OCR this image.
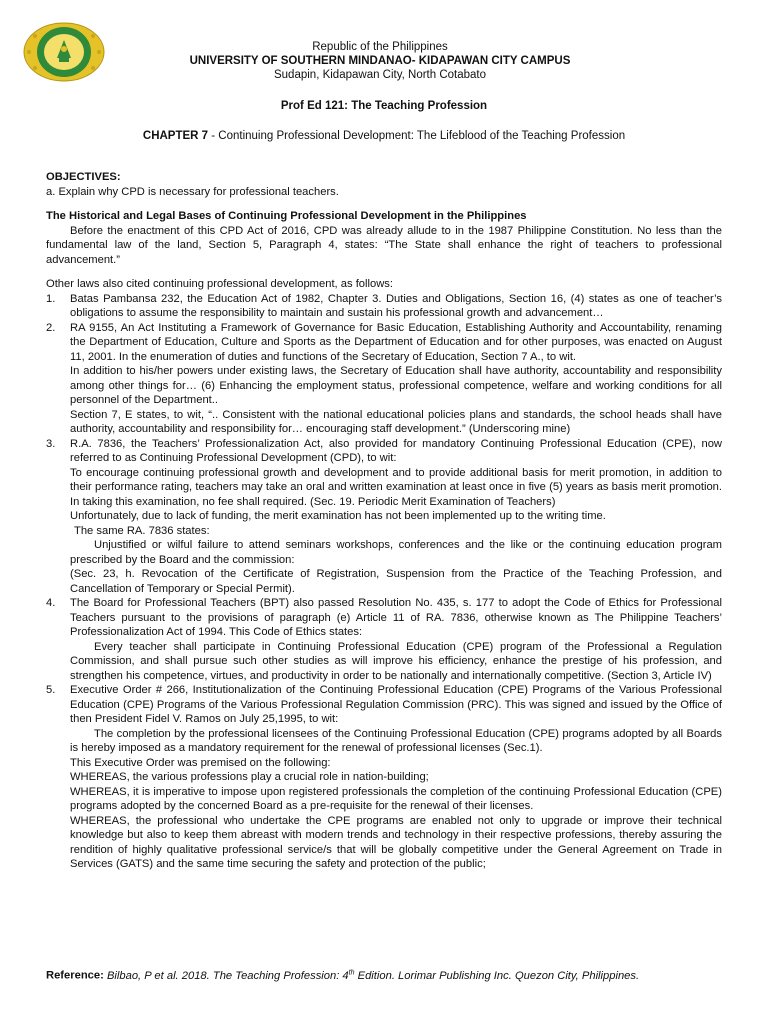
Republic of the Philippines
UNIVERSITY OF SOUTHERN MINDANAO- KIDAPAWAN CITY CAMPUS
Sudapin, Kidapawan City, North Cotabato
Prof Ed 121: The Teaching Profession
CHAPTER 7 - Continuing Professional Development: The Lifeblood of the Teaching Profession

OBJECTIVES:

a. Explain why CPD is necessary for professional teachers.

The Historical and Legal Bases of Continuing Professional Development in the Philippines

Before the enactment of this CPD Act of 2016, CPD was already allude to in the 1987 Philippine Constitution. No less than the fundamental law of the land, Section 5, Paragraph 4, states: “The State shall enhance the right of teachers to professional advancement.”

Other laws also cited continuing professional development, as follows:

1. Batas Pambansa 232, the Education Act of 1982, Chapter 3. Duties and Obligations, Section 16, (4) states as one of teacher’s obligations to assume the responsibility to maintain and sustain his professional growth and advancement…

2. RA 9155, An Act Instituting a Framework of Governance for Basic Education, Establishing Authority and Accountability, renaming the Department of Education, Culture and Sports as the Department of Education and for other purposes, was enacted on August 11, 2001. In the enumeration of duties and functions of the Secretary of Education, Section 7 A., to wit.

In addition to his/her powers under existing laws, the Secretary of Education shall have authority, accountability and responsibility among other things for… (6) Enhancing the employment status, professional competence, welfare and working conditions for all personnel of the Department..

Section 7, E states, to wit, “.. Consistent with the national educational policies plans and standards, the school heads shall have authority, accountability and responsibility for… encouraging staff development.” (Underscoring mine)

3. R.A. 7836, the Teachers’ Professionalization Act, also provided for mandatory Continuing Professional Education (CPE), now referred to as Continuing Professional Development (CPD), to wit:

To encourage continuing professional growth and development and to provide additional basis for merit promotion, in addition to their performance rating, teachers may take an oral and written examination at least once in five (5) years as basis merit promotion. In taking this examination, no fee shall required. (Sec. 19. Periodic Merit Examination of Teachers)

Unfortunately, due to lack of funding, the merit examination has not been implemented up to the writing time.

The same RA. 7836 states:

Unjustified or wilful failure to attend seminars workshops, conferences and the like or the continuing education program prescribed by the Board and the commission:

(Sec. 23, h. Revocation of the Certificate of Registration, Suspension from the Practice of the Teaching Profession, and Cancellation of Temporary or Special Permit).

4. The Board for Professional Teachers (BPT) also passed Resolution No. 435, s. 177 to adopt the Code of Ethics for Professional Teachers pursuant to the provisions of paragraph (e) Article 11 of RA. 7836, otherwise known as The Philippine Teachers’ Professionalization Act of 1994. This Code of Ethics states:

Every teacher shall participate in Continuing Professional Education (CPE) program of the Professional a Regulation Commission, and shall pursue such other studies as will improve his efficiency, enhance the prestige of his profession, and strengthen his competence, virtues, and productivity in order to be nationally and internationally competitive. (Section 3, Article IV)

5. Executive Order # 266, Institutionalization of the Continuing Professional Education (CPE) Programs of the Various Professional Education (CPE) Programs of the Various Professional Regulation Commission (PRC). This was signed and issued by the Office of then President Fidel V. Ramos on July 25,1995, to wit:

The completion by the professional licensees of the Continuing Professional Education (CPE) programs adopted by all Boards is hereby imposed as a mandatory requirement for the renewal of professional licenses (Sec.1).

This Executive Order was premised on the following:

WHEREAS, the various professions play a crucial role in nation-building;

WHEREAS, it is imperative to impose upon registered professionals the completion of the continuing Professional Education (CPE) programs adopted by the concerned Board as a pre-requisite for the renewal of their licenses.

WHEREAS, the professional who undertake the CPE programs are enabled not only to upgrade or improve their technical knowledge but also to keep them abreast with modern trends and technology in their respective professions, thereby assuring the rendition of highly qualitative professional service/s that will be globally competitive under the General Agreement on Trade in Services (GATS) and the same time securing the safety and protection of the public;

Reference: Bilbao, P et al. 2018. The Teaching Profession: 4th Edition. Lorimar Publishing Inc. Quezon City, Philippines.
